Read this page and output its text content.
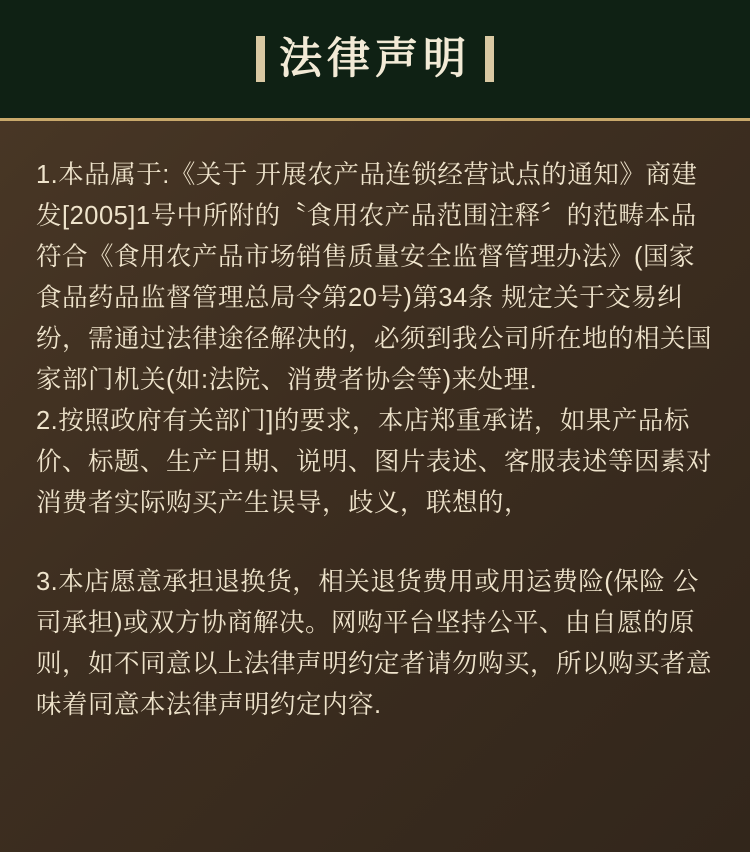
法律声明

1.本品属于:《关于 开展农产品连锁经营试点的通知》商建发[2005]1号中所附的〝食用农产品范围注释〞的范畴本品符合《食用农产品市场销售质量安全监督管理办法》(国家食品药品监督管理总局令第20号)第34条 规定关于交易纠纷，需通过法律途径解决的，必须到我公司所在地的相关国家部门机关(如:法院、消费者协会等)来处理.

2.按照政府有关部门]的要求，本店郑重承诺，如果产品标价、标题、生产日期、说明、图片表述、客服表述等因素对消费者实际购买产生误导，歧义，联想的，

3.本店愿意承担退换货，相关退货费用或用运费险(保险 公司承担)或双方协商解决。网购平台坚持公平、由自愿的原则，如不同意以上法律声明约定者请勿购买，所以购买者意味着同意本法律声明约定内容.
